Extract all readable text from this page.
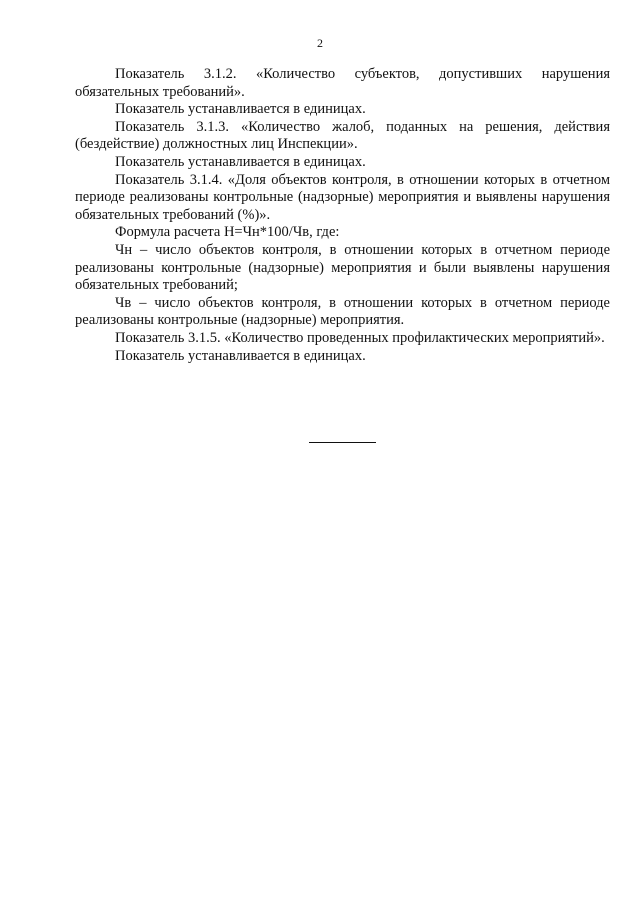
2

Показатель 3.1.2. «Количество субъектов, допустивших нарушения обязательных требований».

Показатель устанавливается в единицах.

Показатель 3.1.3. «Количество жалоб, поданных на решения, действия (бездействие) должностных лиц Инспекции».

Показатель устанавливается в единицах.

Показатель 3.1.4. «Доля объектов контроля, в отношении которых в отчетном периоде реализованы контрольные (надзорные) мероприятия и выявлены нарушения обязательных требований (%)».

Формула расчета Н=Чн*100/Чв, где:

Чн – число объектов контроля, в отношении которых в отчетном периоде реализованы контрольные (надзорные) мероприятия и были выявлены нарушения обязательных требований;

Чв – число объектов контроля, в отношении которых в отчетном периоде реализованы контрольные (надзорные) мероприятия.

Показатель 3.1.5. «Количество проведенных профилактических мероприятий».

Показатель устанавливается в единицах.
